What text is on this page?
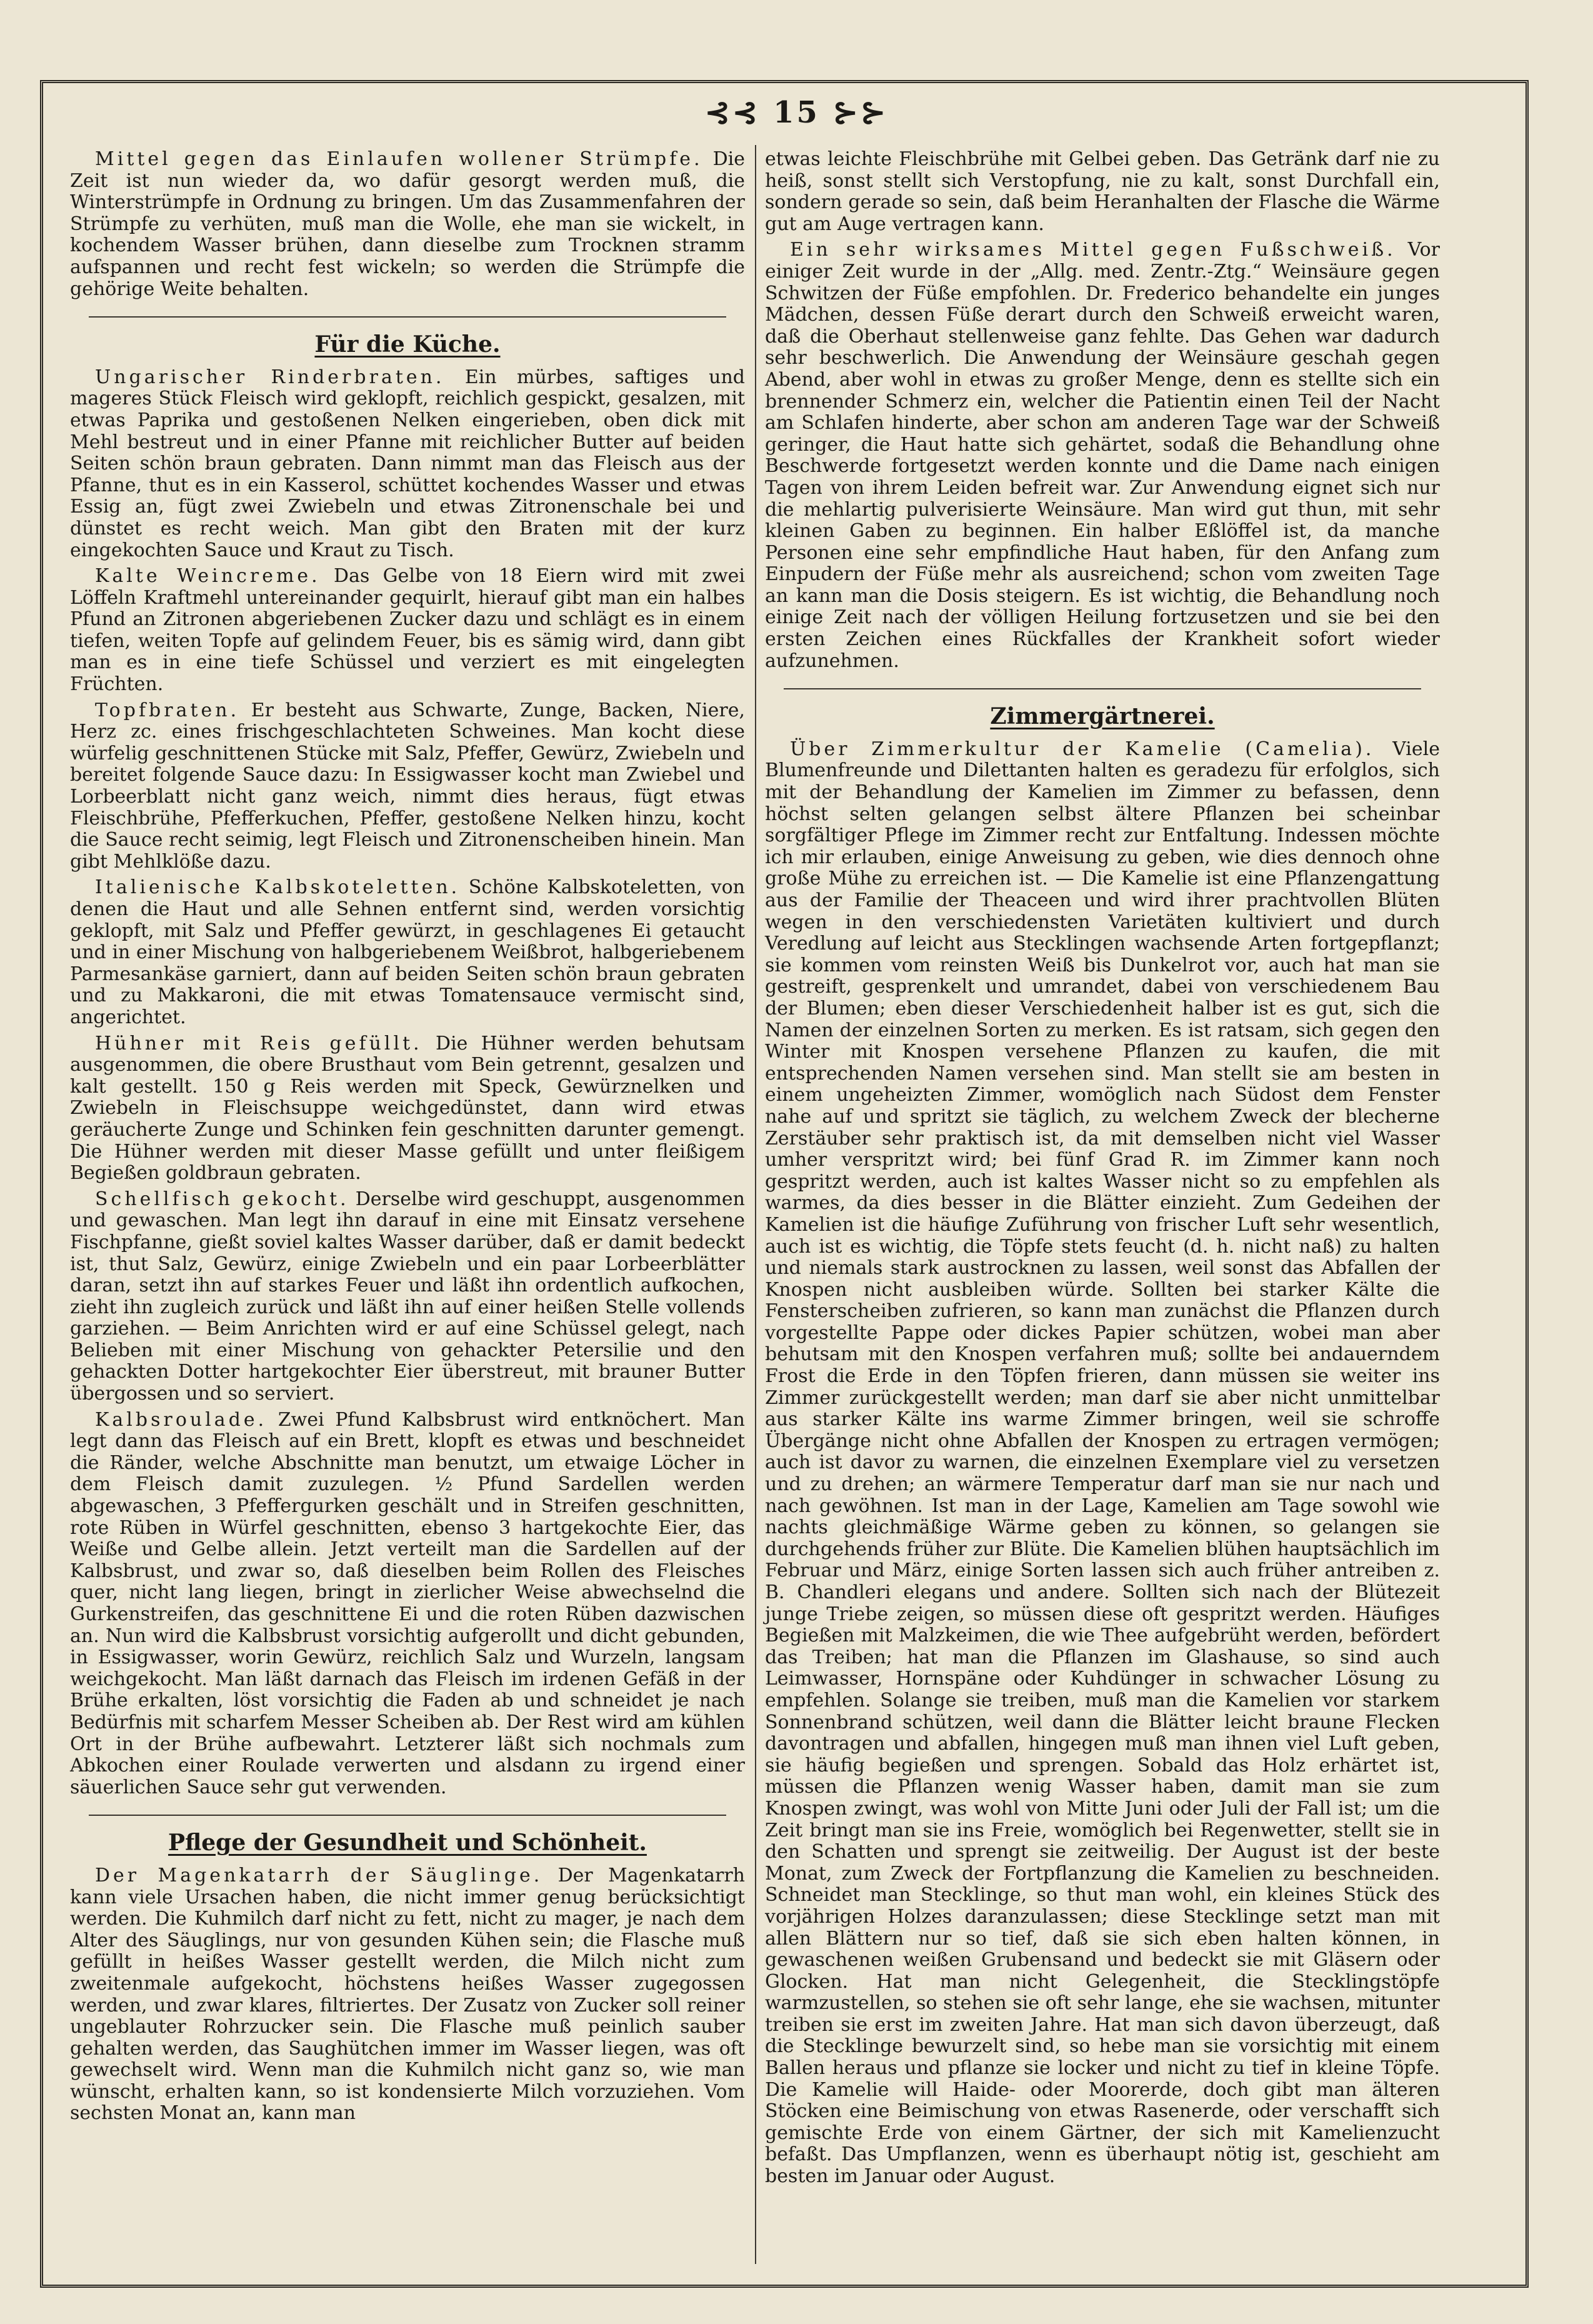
⊰⊰ 15 ⊱⊱

Mittel gegen das Einlaufen wollener Strümpfe. Die Zeit ist nun wieder da, wo dafür gesorgt werden muß, die Winterstrümpfe in Ordnung zu bringen. Um das Zusammenfahren der Strümpfe zu verhüten, muß man die Wolle, ehe man sie wickelt, in kochendem Wasser brühen, dann dieselbe zum Trocknen stramm aufspannen und recht fest wickeln; so werden die Strümpfe die gehörige Weite behalten.

Für die Küche.

Ungarischer Rinderbraten. Ein mürbes, saftiges und mageres Stück Fleisch wird geklopft, reichlich gespickt, gesalzen, mit etwas Paprika und gestoßenen Nelken eingerieben, oben dick mit Mehl bestreut und in einer Pfanne mit reichlicher Butter auf beiden Seiten schön braun gebraten. Dann nimmt man das Fleisch aus der Pfanne, thut es in ein Kasserol, schüttet kochendes Wasser und etwas Essig an, fügt zwei Zwiebeln und etwas Zitronenschale bei und dünstet es recht weich. Man gibt den Braten mit der kurz eingekochten Sauce und Kraut zu Tisch.

Kalte Weincreme. Das Gelbe von 18 Eiern wird mit zwei Löffeln Kraftmehl untereinander gequirlt, hierauf gibt man ein halbes Pfund an Zitronen abgeriebenen Zucker dazu und schlägt es in einem tiefen, weiten Topfe auf gelindem Feuer, bis es sämig wird, dann gibt man es in eine tiefe Schüssel und verziert es mit eingelegten Früchten.

Topfbraten. Er besteht aus Schwarte, Zunge, Backen, Niere, Herz zc. eines frischgeschlachteten Schweines. Man kocht diese würfelig geschnittenen Stücke mit Salz, Pfeffer, Gewürz, Zwiebeln und bereitet folgende Sauce dazu: In Essigwasser kocht man Zwiebel und Lorbeerblatt nicht ganz weich, nimmt dies heraus, fügt etwas Fleischbrühe, Pfefferkuchen, Pfeffer, gestoßene Nelken hinzu, kocht die Sauce recht seimig, legt Fleisch und Zitronenscheiben hinein. Man gibt Mehlklöße dazu.

Italienische Kalbskoteletten. Schöne Kalbskoteletten, von denen die Haut und alle Sehnen entfernt sind, werden vorsichtig geklopft, mit Salz und Pfeffer gewürzt, in geschlagenes Ei getaucht und in einer Mischung von halbgeriebenem Weißbrot, halbgeriebenem Parmesankäse garniert, dann auf beiden Seiten schön braun gebraten und zu Makkaroni, die mit etwas Tomatensauce vermischt sind, angerichtet.

Hühner mit Reis gefüllt. Die Hühner werden behutsam ausgenommen, die obere Brusthaut vom Bein getrennt, gesalzen und kalt gestellt. 150 g Reis werden mit Speck, Gewürznelken und Zwiebeln in Fleischsuppe weichgedünstet, dann wird etwas geräucherte Zunge und Schinken fein geschnitten darunter gemengt. Die Hühner werden mit dieser Masse gefüllt und unter fleißigem Begießen goldbraun gebraten.

Schellfisch gekocht. Derselbe wird geschuppt, ausgenommen und gewaschen. Man legt ihn darauf in eine mit Einsatz versehene Fischpfanne, gießt soviel kaltes Wasser darüber, daß er damit bedeckt ist, thut Salz, Gewürz, einige Zwiebeln und ein paar Lorbeerblätter daran, setzt ihn auf starkes Feuer und läßt ihn ordentlich aufkochen, zieht ihn zugleich zurück und läßt ihn auf einer heißen Stelle vollends garziehen. — Beim Anrichten wird er auf eine Schüssel gelegt, nach Belieben mit einer Mischung von gehackter Petersilie und den gehackten Dotter hartgekochter Eier überstreut, mit brauner Butter übergossen und so serviert.

Kalbsroulade. Zwei Pfund Kalbsbrust wird entknöchert. Man legt dann das Fleisch auf ein Brett, klopft es etwas und beschneidet die Ränder, welche Abschnitte man benutzt, um etwaige Löcher in dem Fleisch damit zuzulegen. ½ Pfund Sardellen werden abgewaschen, 3 Pfeffergurken geschält und in Streifen geschnitten, rote Rüben in Würfel geschnitten, ebenso 3 hartgekochte Eier, das Weiße und Gelbe allein. Jetzt verteilt man die Sardellen auf der Kalbsbrust, und zwar so, daß dieselben beim Rollen des Fleisches quer, nicht lang liegen, bringt in zierlicher Weise abwechselnd die Gurkenstreifen, das geschnittene Ei und die roten Rüben dazwischen an. Nun wird die Kalbsbrust vorsichtig aufgerollt und dicht gebunden, in Essigwasser, worin Gewürz, reichlich Salz und Wurzeln, langsam weichgekocht. Man läßt darnach das Fleisch im irdenen Gefäß in der Brühe erkalten, löst vorsichtig die Faden ab und schneidet je nach Bedürfnis mit scharfem Messer Scheiben ab. Der Rest wird am kühlen Ort in der Brühe aufbewahrt. Letzterer läßt sich nochmals zum Abkochen einer Roulade verwerten und alsdann zu irgend einer säuerlichen Sauce sehr gut verwenden.

Pflege der Gesundheit und Schönheit.

Der Magenkatarrh der Säuglinge. Der Magenkatarrh kann viele Ursachen haben, die nicht immer genug berücksichtigt werden. Die Kuhmilch darf nicht zu fett, nicht zu mager, je nach dem Alter des Säuglings, nur von gesunden Kühen sein; die Flasche muß gefüllt in heißes Wasser gestellt werden, die Milch nicht zum zweitenmale aufgekocht, höchstens heißes Wasser zugegossen werden, und zwar klares, filtriertes. Der Zusatz von Zucker soll reiner ungeblauter Rohrzucker sein. Die Flasche muß peinlich sauber gehalten werden, das Saughütchen immer im Wasser liegen, was oft gewechselt wird. Wenn man die Kuhmilch nicht ganz so, wie man wünscht, erhalten kann, so ist kondensierte Milch vorzuziehen. Vom sechsten Monat an, kann man

etwas leichte Fleischbrühe mit Gelbei geben. Das Getränk darf nie zu heiß, sonst stellt sich Verstopfung, nie zu kalt, sonst Durchfall ein, sondern gerade so sein, daß beim Heranhalten der Flasche die Wärme gut am Auge vertragen kann.

Ein sehr wirksames Mittel gegen Fußschweiß. Vor einiger Zeit wurde in der „Allg. med. Zentr.-Ztg.“ Weinsäure gegen Schwitzen der Füße empfohlen. Dr. Frederico behandelte ein junges Mädchen, dessen Füße derart durch den Schweiß erweicht waren, daß die Oberhaut stellenweise ganz fehlte. Das Gehen war dadurch sehr beschwerlich. Die Anwendung der Weinsäure geschah gegen Abend, aber wohl in etwas zu großer Menge, denn es stellte sich ein brennender Schmerz ein, welcher die Patientin einen Teil der Nacht am Schlafen hinderte, aber schon am anderen Tage war der Schweiß geringer, die Haut hatte sich gehärtet, sodaß die Behandlung ohne Beschwerde fortgesetzt werden konnte und die Dame nach einigen Tagen von ihrem Leiden befreit war. Zur Anwendung eignet sich nur die mehlartig pulverisierte Weinsäure. Man wird gut thun, mit sehr kleinen Gaben zu beginnen. Ein halber Eßlöffel ist, da manche Personen eine sehr empfindliche Haut haben, für den Anfang zum Einpudern der Füße mehr als ausreichend; schon vom zweiten Tage an kann man die Dosis steigern. Es ist wichtig, die Behandlung noch einige Zeit nach der völligen Heilung fortzusetzen und sie bei den ersten Zeichen eines Rückfalles der Krankheit sofort wieder aufzunehmen.

Zimmergärtnerei.

Über Zimmerkultur der Kamelie (Camelia). Viele Blumenfreunde und Dilettanten halten es geradezu für erfolglos, sich mit der Behandlung der Kamelien im Zimmer zu befassen, denn höchst selten gelangen selbst ältere Pflanzen bei scheinbar sorgfältiger Pflege im Zimmer recht zur Entfaltung. Indessen möchte ich mir erlauben, einige Anweisung zu geben, wie dies dennoch ohne große Mühe zu erreichen ist. — Die Kamelie ist eine Pflanzengattung aus der Familie der Theaceen und wird ihrer prachtvollen Blüten wegen in den verschiedensten Varietäten kultiviert und durch Veredlung auf leicht aus Stecklingen wachsende Arten fortgepflanzt; sie kommen vom reinsten Weiß bis Dunkelrot vor, auch hat man sie gestreift, gesprenkelt und umrandet, dabei von verschiedenem Bau der Blumen; eben dieser Verschiedenheit halber ist es gut, sich die Namen der einzelnen Sorten zu merken. Es ist ratsam, sich gegen den Winter mit Knospen versehene Pflanzen zu kaufen, die mit entsprechenden Namen versehen sind. Man stellt sie am besten in einem ungeheizten Zimmer, womöglich nach Südost dem Fenster nahe auf und spritzt sie täglich, zu welchem Zweck der blecherne Zerstäuber sehr praktisch ist, da mit demselben nicht viel Wasser umher verspritzt wird; bei fünf Grad R. im Zimmer kann noch gespritzt werden, auch ist kaltes Wasser nicht so zu empfehlen als warmes, da dies besser in die Blätter einzieht. Zum Gedeihen der Kamelien ist die häufige Zuführung von frischer Luft sehr wesentlich, auch ist es wichtig, die Töpfe stets feucht (d. h. nicht naß) zu halten und niemals stark austrocknen zu lassen, weil sonst das Abfallen der Knospen nicht ausbleiben würde. Sollten bei starker Kälte die Fensterscheiben zufrieren, so kann man zunächst die Pflanzen durch vorgestellte Pappe oder dickes Papier schützen, wobei man aber behutsam mit den Knospen verfahren muß; sollte bei andauerndem Frost die Erde in den Töpfen frieren, dann müssen sie weiter ins Zimmer zurückgestellt werden; man darf sie aber nicht unmittelbar aus starker Kälte ins warme Zimmer bringen, weil sie schroffe Übergänge nicht ohne Abfallen der Knospen zu ertragen vermögen; auch ist davor zu warnen, die einzelnen Exemplare viel zu versetzen und zu drehen; an wärmere Temperatur darf man sie nur nach und nach gewöhnen. Ist man in der Lage, Kamelien am Tage sowohl wie nachts gleichmäßige Wärme geben zu können, so gelangen sie durchgehends früher zur Blüte. Die Kamelien blühen hauptsächlich im Februar und März, einige Sorten lassen sich auch früher antreiben z. B. Chandleri elegans und andere. Sollten sich nach der Blütezeit junge Triebe zeigen, so müssen diese oft gespritzt werden. Häufiges Begießen mit Malzkeimen, die wie Thee aufgebrüht werden, befördert das Treiben; hat man die Pflanzen im Glashause, so sind auch Leimwasser, Hornspäne oder Kuhdünger in schwacher Lösung zu empfehlen. Solange sie treiben, muß man die Kamelien vor starkem Sonnenbrand schützen, weil dann die Blätter leicht braune Flecken davontragen und abfallen, hingegen muß man ihnen viel Luft geben, sie häufig begießen und sprengen. Sobald das Holz erhärtet ist, müssen die Pflanzen wenig Wasser haben, damit man sie zum Knospen zwingt, was wohl von Mitte Juni oder Juli der Fall ist; um die Zeit bringt man sie ins Freie, womöglich bei Regenwetter, stellt sie in den Schatten und sprengt sie zeitweilig. Der August ist der beste Monat, zum Zweck der Fortpflanzung die Kamelien zu beschneiden. Schneidet man Stecklinge, so thut man wohl, ein kleines Stück des vorjährigen Holzes daranzulassen; diese Stecklinge setzt man mit allen Blättern nur so tief, daß sie sich eben halten können, in gewaschenen weißen Grubensand und bedeckt sie mit Gläsern oder Glocken. Hat man nicht Gelegenheit, die Stecklingstöpfe warmzustellen, so stehen sie oft sehr lange, ehe sie wachsen, mitunter treiben sie erst im zweiten Jahre. Hat man sich davon überzeugt, daß die Stecklinge bewurzelt sind, so hebe man sie vorsichtig mit einem Ballen heraus und pflanze sie locker und nicht zu tief in kleine Töpfe. Die Kamelie will Haide- oder Moorerde, doch gibt man älteren Stöcken eine Beimischung von etwas Rasenerde, oder verschafft sich gemischte Erde von einem Gärtner, der sich mit Kamelienzucht befaßt. Das Umpflanzen, wenn es überhaupt nötig ist, geschieht am besten im Januar oder August.
